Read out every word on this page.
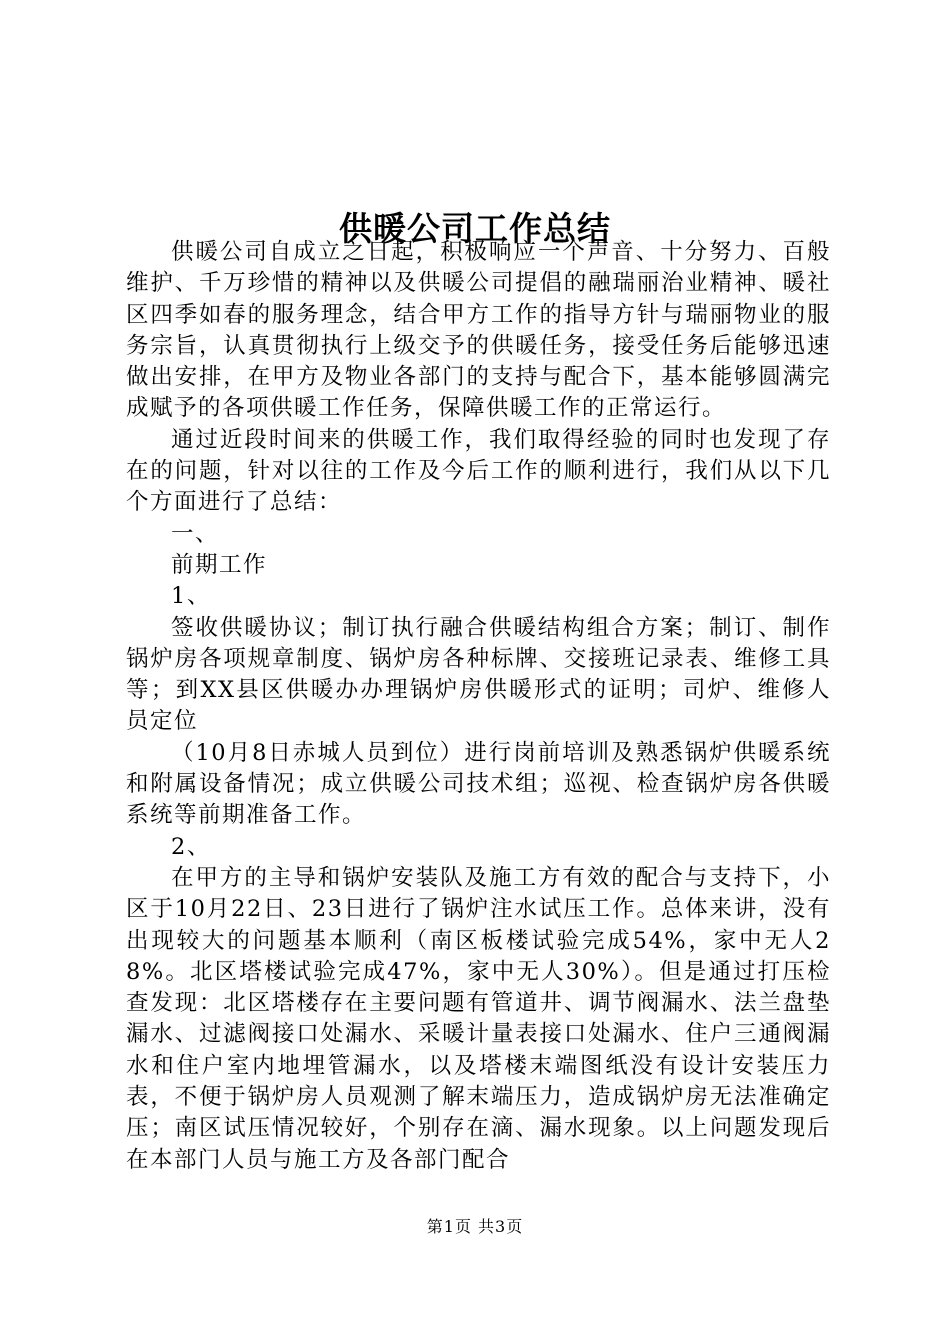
供暖公司工作总结

供暖公司自成立之日起，积极响应一个声音、十分努力、百般维护、千万珍惜的精神以及供暖公司提倡的融瑞丽治业精神、暖社区四季如春的服务理念，结合甲方工作的指导方针与瑞丽物业的服务宗旨，认真贯彻执行上级交予的供暖任务，接受任务后能够迅速做出安排，在甲方及物业各部门的支持与配合下，基本能够圆满完成赋予的各项供暖工作任务，保障供暖工作的正常运行。

通过近段时间来的供暖工作，我们取得经验的同时也发现了存在的问题，针对以往的工作及今后工作的顺利进行，我们从以下几个方面进行了总结：

一、

前期工作

1、

签收供暖协议；制订执行融合供暖结构组合方案；制订、制作锅炉房各项规章制度、锅炉房各种标牌、交接班记录表、维修工具等；到XX县区供暖办办理锅炉房供暖形式的证明；司炉、维修人员定位

（10月8日赤城人员到位）进行岗前培训及熟悉锅炉供暖系统和附属设备情况；成立供暖公司技术组；巡视、检查锅炉房各供暖系统等前期准备工作。

2、

在甲方的主导和锅炉安装队及施工方有效的配合与支持下，小区于10月22日、23日进行了锅炉注水试压工作。总体来讲，没有出现较大的问题基本顺利（南区板楼试验完成54%，家中无人28%。北区塔楼试验完成47%，家中无人30%）。但是通过打压检查发现：北区塔楼存在主要问题有管道井、调节阀漏水、法兰盘垫漏水、过滤阀接口处漏水、采暖计量表接口处漏水、住户三通阀漏水和住户室内地埋管漏水，以及塔楼末端图纸没有设计安装压力表，不便于锅炉房人员观测了解末端压力，造成锅炉房无法准确定压；南区试压情况较好，个别存在滴、漏水现象。以上问题发现后在本部门人员与施工方及各部门配合

第1页 共3页
